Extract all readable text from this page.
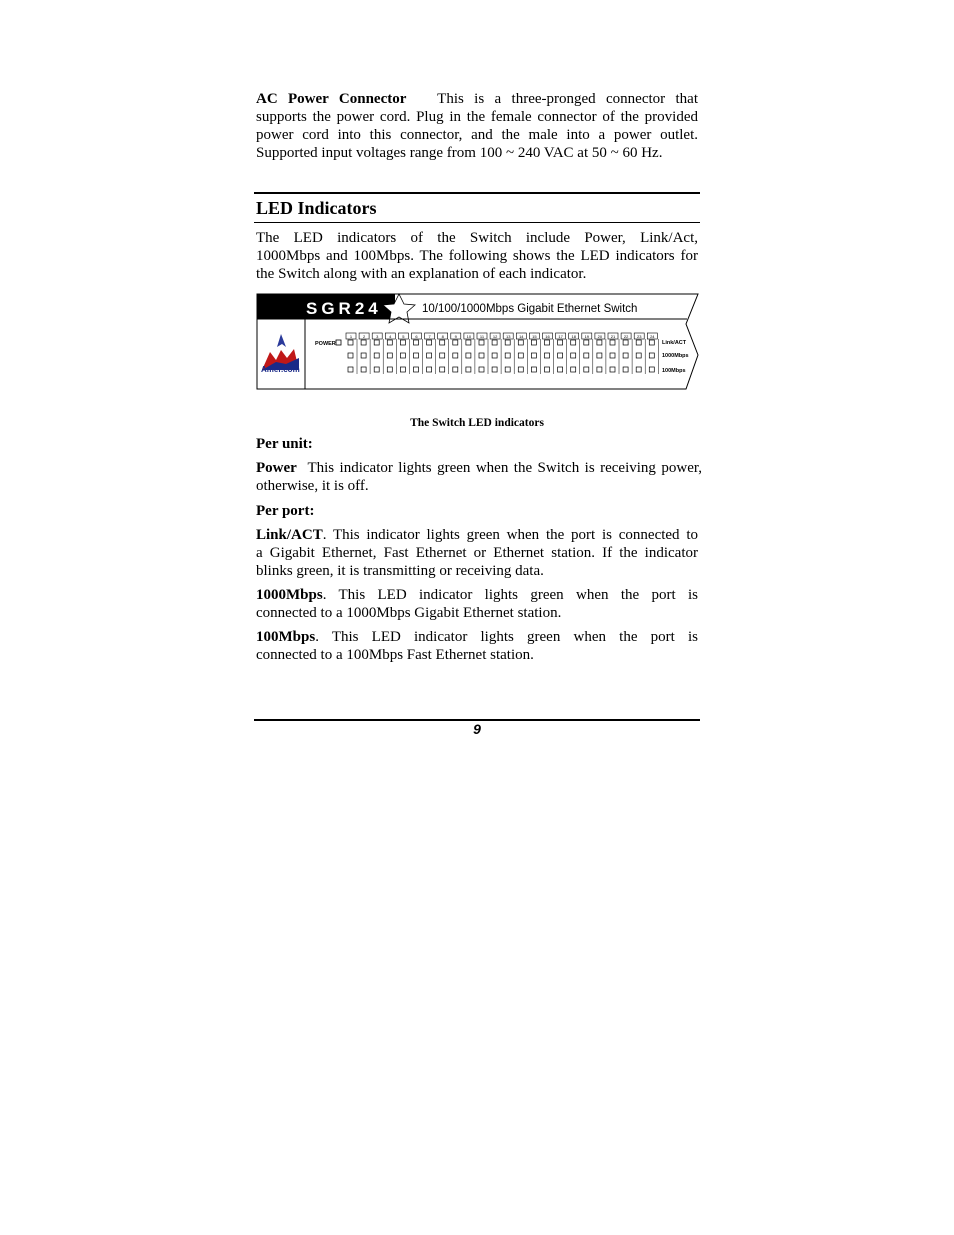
AC Power Connector This is a three-pronged connector that
supports the power cord. Plug in the female connector of the provided
power cord into this connector, and the male into a power outlet.
Supported input voltages range from 100 ~ 240 VAC at 50 ~ 60 Hz.
LED Indicators
The LED indicators of the Switch include Power, Link/Act,
1000Mbps and 100Mbps. The following shows the LED indicators for
the Switch along with an explanation of each indicator.
SGR24	10/100/1000Mbps Gigabit Ethernet Switch
Amer.com
POWER
1	2	3	4	5	6	7	8	9 10 11 12 13 14 15 16 17 18 19 20 21 22 23 24
Link/ACT
1000Mbps
100Mbps
The Switch LED indicators
Per unit:
Power This indicator lights green when the Switch is receiving power,
otherwise, it is off.
Per port:
Link/ACT. This indicator lights green when the port is connected to
a Gigabit Ethernet, Fast Ethernet or Ethernet station. If the indicator
blinks green, it is transmitting or receiving data.
1000Mbps. This LED indicator lights green when the port is
connected to a 1000Mbps Gigabit Ethernet station.
100Mbps. This LED indicator lights green when the port is
connected to a 100Mbps Fast Ethernet station.
9
